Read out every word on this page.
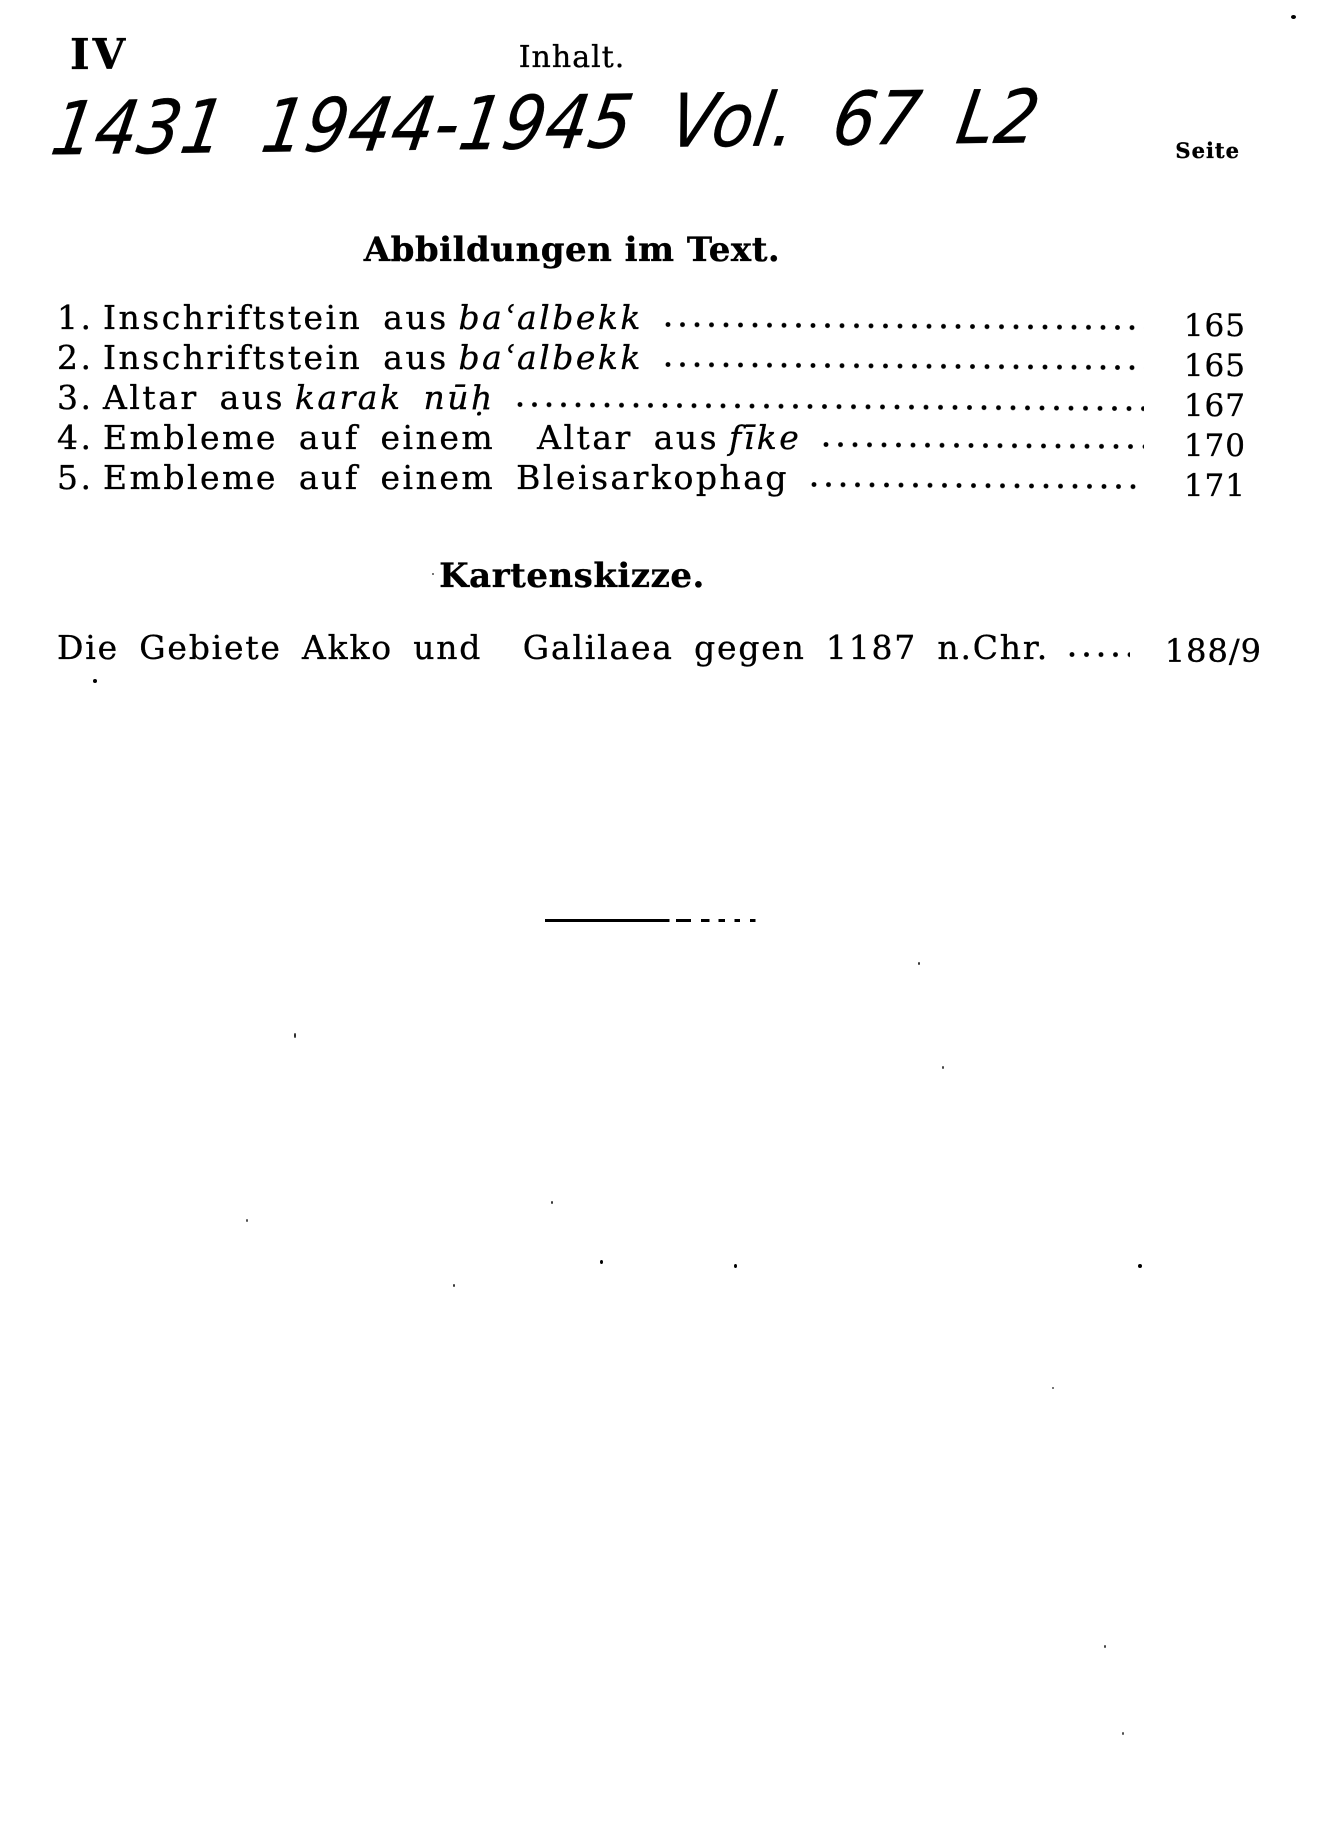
IV	Inhalt.
1431 1944-1945 Vol. 67 L2	Seite
Abbildungen im Text.
1. Inschriftstein aus baʿalbekk	165
2. Inschriftstein aus baʿalbekk	165
3. Altar aus karak nūḥ	167
4. Embleme auf einem  Altar aus fīke	170
5. Embleme auf einem Bleisarkophag	171
Kartenskizze.
Die Gebiete Akko und  Galilaea gegen 1187 n.Chr.	188/9
